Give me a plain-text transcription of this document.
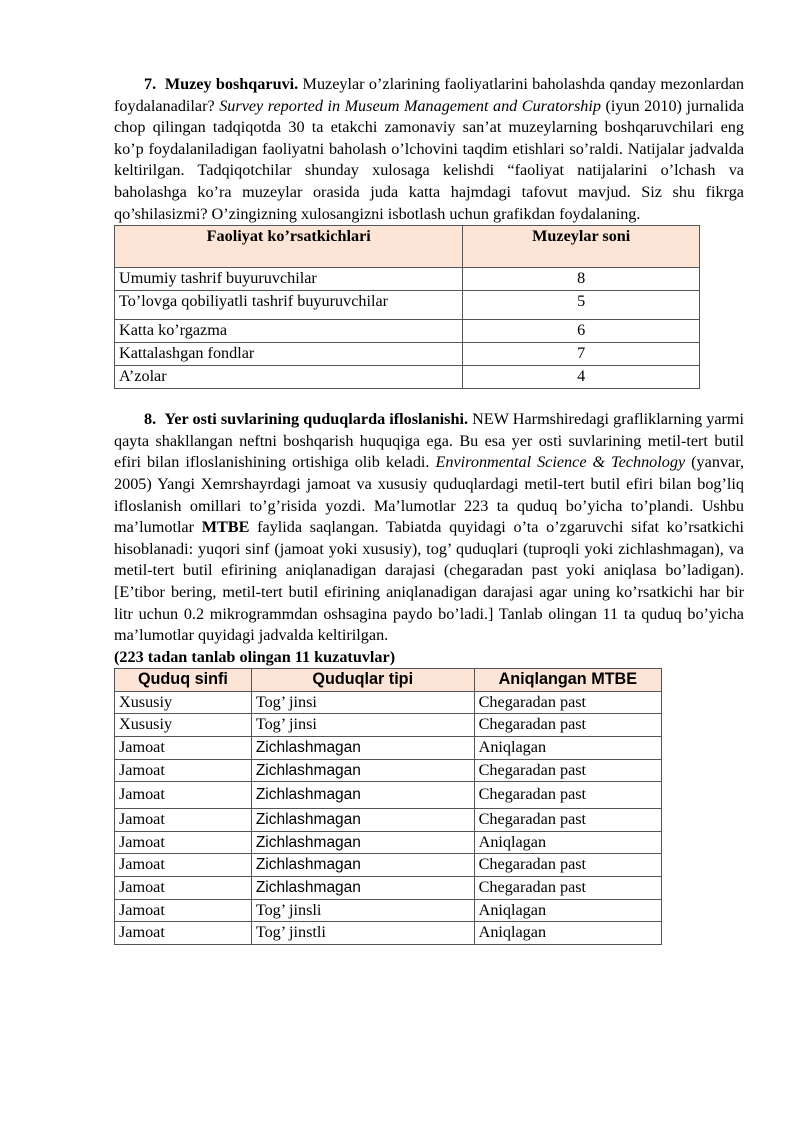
7. Muzey boshqaruvi. Muzeylar o’zlarining faoliyatlarini baholashda qanday mezonlardan foydalanadilar? Survey reported in Museum Management and Curatorship (iyun 2010) jurnalida chop qilingan tadqiqotda 30 ta etakchi zamonaviy san’at muzeylarning boshqaruvchilari eng ko’p foydalaniladigan faoliyatni baholash o’lchovini taqdim etishlari so’raldi. Natijalar jadvalda keltirilgan. Tadqiqotchilar shunday xulosaga kelishdi “faoliyat natijalarini o’lchash va baholashga ko’ra muzeylar orasida juda katta hajmdagi tafovut mavjud. Siz shu fikrga qo’shilasizmi? O’zingizning xulosangizni isbotlash uchun grafikdan foydalaning.

Faoliyat ko’rsatkichlari	Muzeylar soni
Umumiy tashrif buyuruvchilar	8
To’lovga qobiliyatli tashrif buyuruvchilar	5
Katta ko’rgazma	6
Kattalashgan fondlar	7
A’zolar	4

8. Yer osti suvlarining quduqlarda ifloslanishi. NEW Harmshiredagi grafliklarning yarmi qayta shakllangan neftni boshqarish huquqiga ega. Bu esa yer osti suvlarining metil-tert butil efiri bilan ifloslanishining ortishiga olib keladi. Environmental Science & Technology (yanvar, 2005) Yangi Xemrshayrdagi jamoat va xususiy quduqlardagi metil-tert butil efiri bilan bog’liq ifloslanish omillari to’g’risida yozdi. Ma’lumotlar 223 ta quduq bo’yicha to’plandi. Ushbu ma’lumotlar MTBE faylida saqlangan. Tabiatda quyidagi o’ta o’zgaruvchi sifat ko’rsatkichi hisoblanadi: yuqori sinf (jamoat yoki xususiy), tog’ quduqlari (tuproqli yoki zichlashmagan), va metil-tert butil efirining aniqlanadigan darajasi (chegaradan past yoki aniqlasa bo’ladigan). [E’tibor bering, metil-tert butil efirining aniqlanadigan darajasi agar uning ko’rsatkichi har bir litr uchun 0.2 mikrogrammdan oshsagina paydo bo’ladi.] Tanlab olingan 11 ta quduq bo’yicha ma’lumotlar quyidagi jadvalda keltirilgan.

(223 tadan tanlab olingan 11 kuzatuvlar)

Quduq sinfi	Quduqlar tipi	Aniqlangan MTBE
Xususiy	Tog’ jinsi	Chegaradan past
Xususiy	Tog’ jinsi	Chegaradan past
Jamoat	Zichlashmagan	Aniqlagan
Jamoat	Zichlashmagan	Chegaradan past
Jamoat	Zichlashmagan	Chegaradan past
Jamoat	Zichlashmagan	Chegaradan past
Jamoat	Zichlashmagan	Aniqlagan
Jamoat	Zichlashmagan	Chegaradan past
Jamoat	Zichlashmagan	Chegaradan past
Jamoat	Tog’ jinsli	Aniqlagan
Jamoat	Tog’ jinstli	Aniqlagan
